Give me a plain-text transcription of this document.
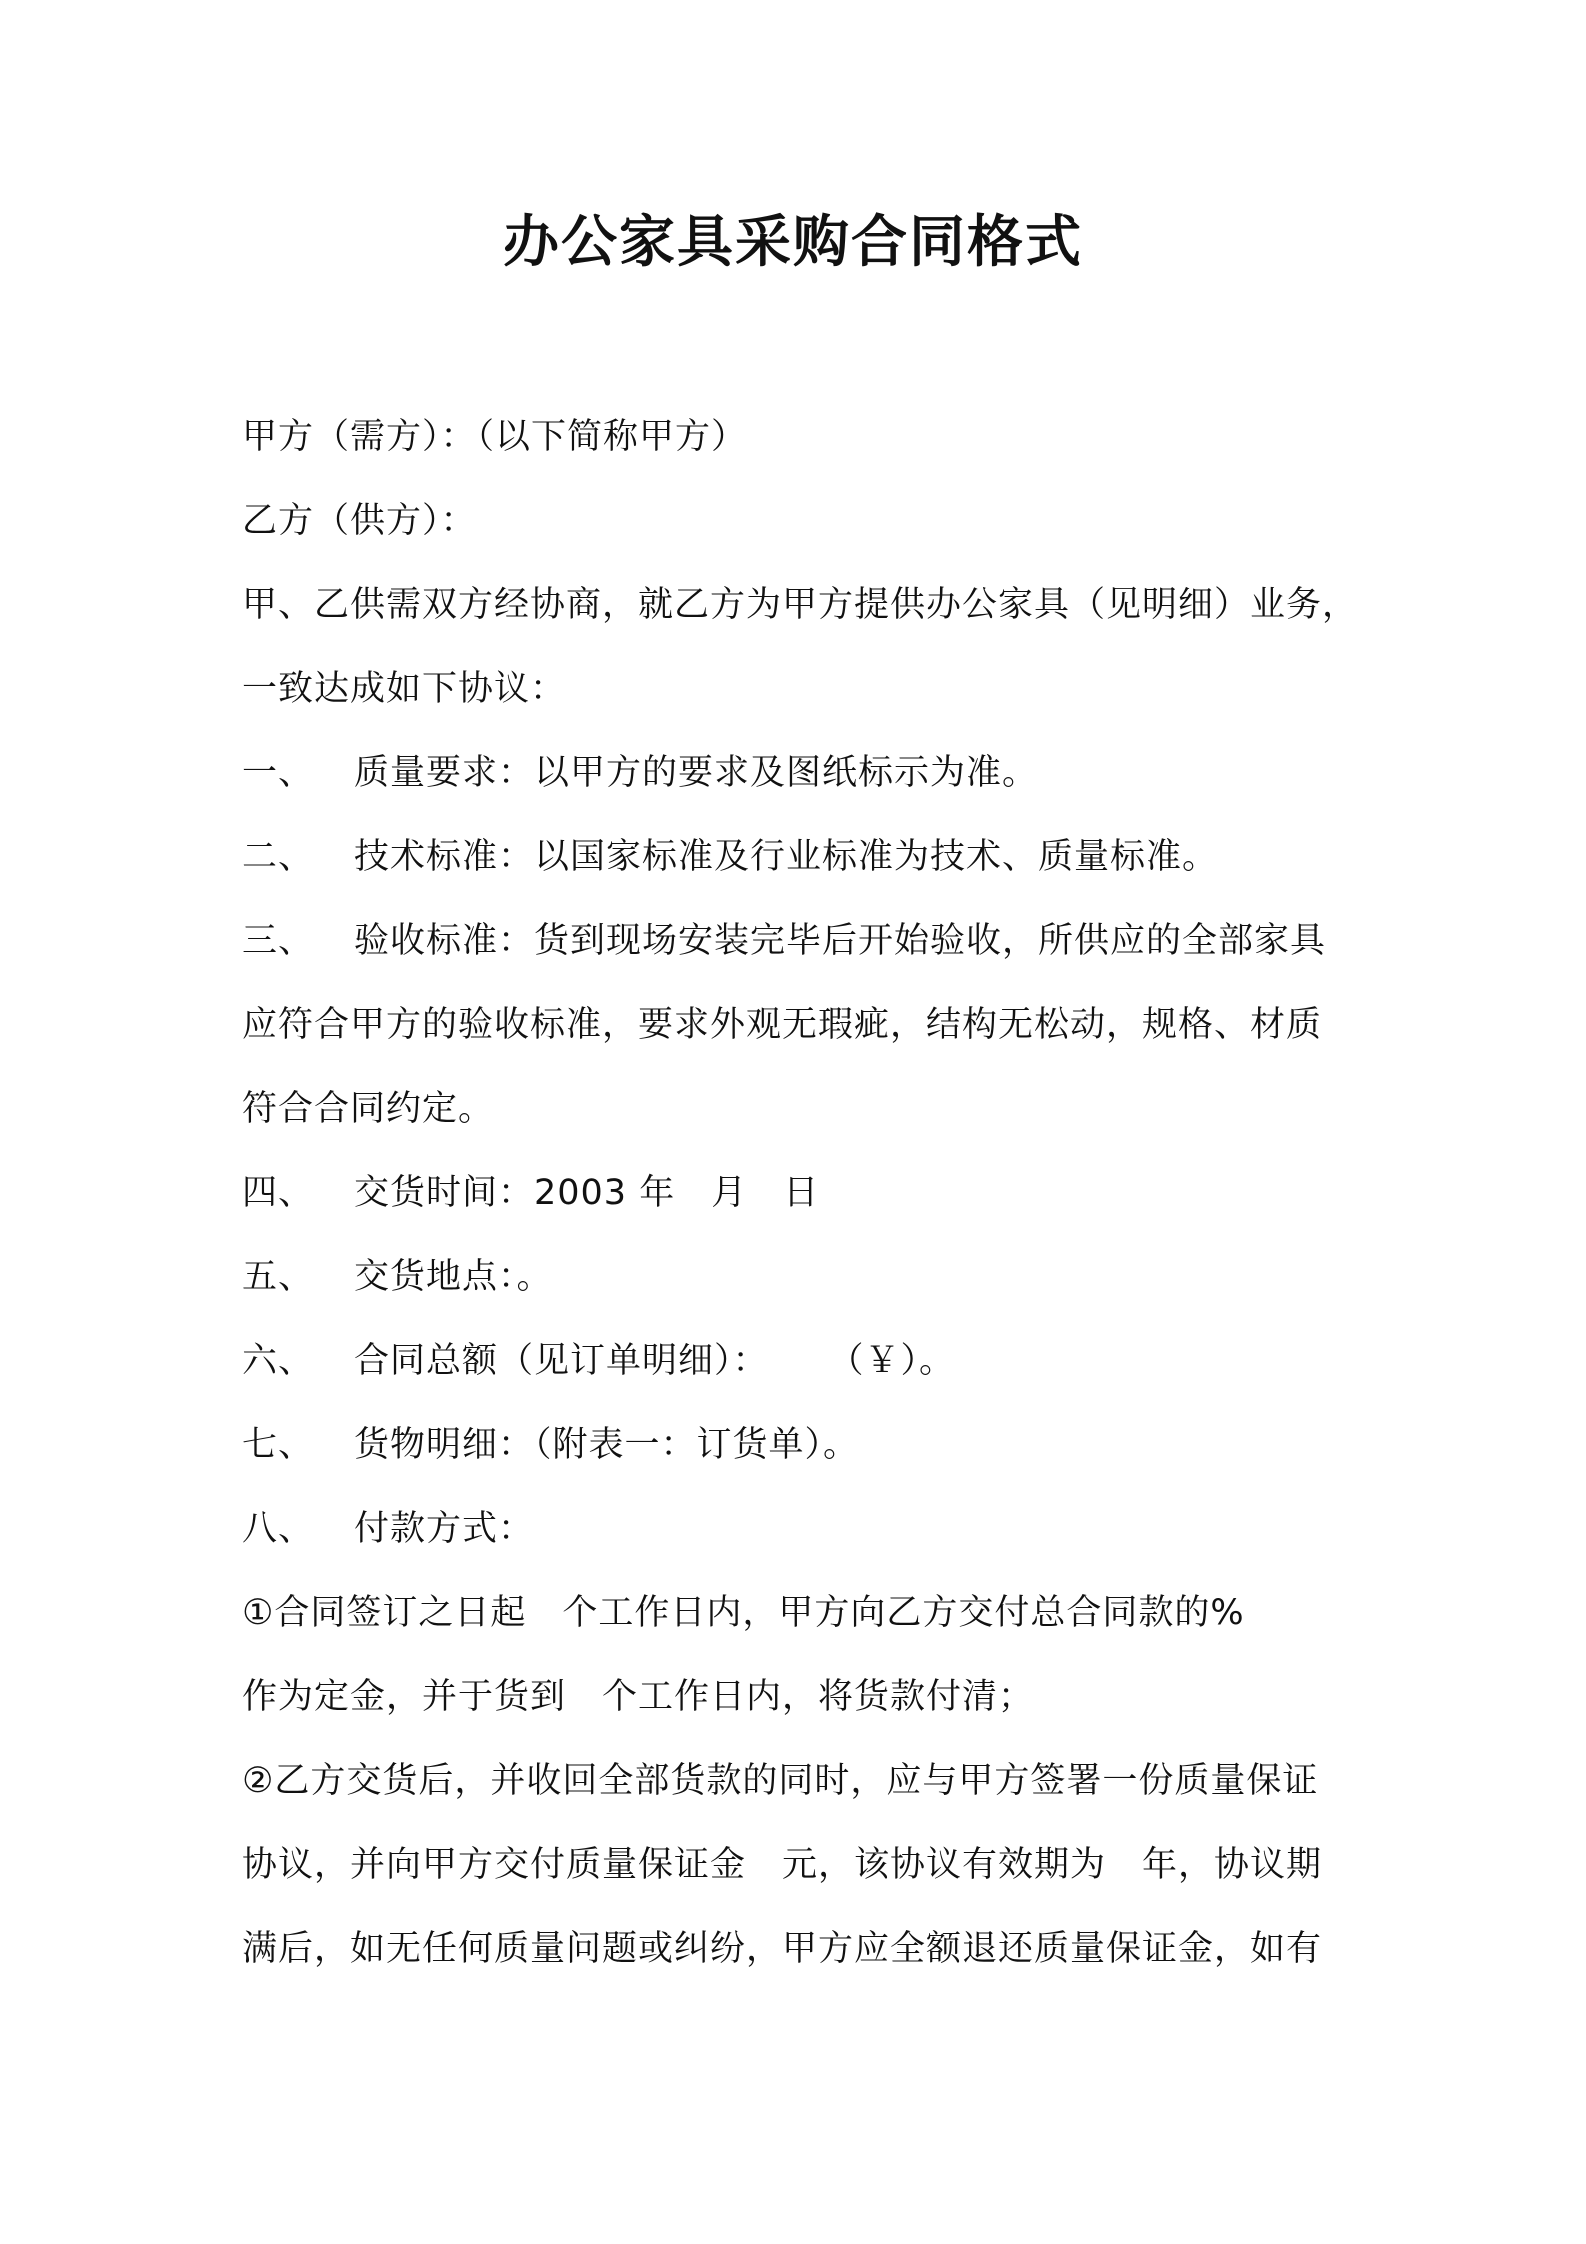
办公家具采购合同格式
甲方（需方）：（以下简称甲方）
乙方（供方）：
甲、乙供需双方经协商，就乙方为甲方提供办公家具（见明细）业务，
一致达成如下协议：
一、 质量要求：以甲方的要求及图纸标示为准。
二、 技术标准：以国家标准及行业标准为技术、质量标准。
三、 验收标准：货到现场安装完毕后开始验收，所供应的全部家具
应符合甲方的验收标准，要求外观无瑕疵，结构无松动，规格、材质
符合合同约定。
四、 交货时间：2003 年 月 日
五、 交货地点：。
六、 合同总额（见订单明细）： （￥）。
七、 货物明细：（附表一：订货单）。
八、 付款方式：
①合同签订之日起 个工作日内，甲方向乙方交付总合同款的%
作为定金，并于货到 个工作日内，将货款付清；
②乙方交货后，并收回全部货款的同时，应与甲方签署一份质量保证
协议，并向甲方交付质量保证金 元，该协议有效期为 年，协议期
满后，如无任何质量问题或纠纷，甲方应全额退还质量保证金，如有
